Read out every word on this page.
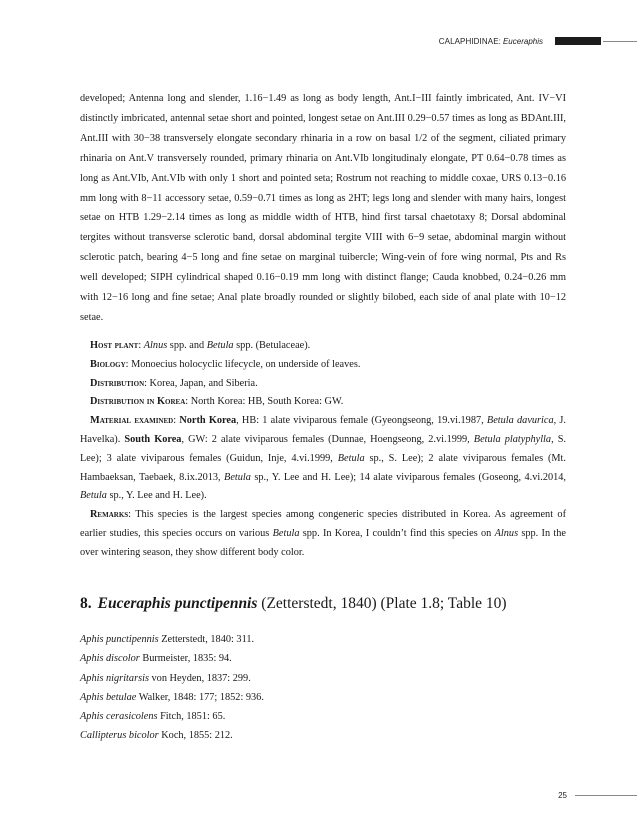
CALAPHIDINAE: Euceraphis

developed; Antenna long and slender, 1.16−1.49 as long as body length, Ant.I−III faintly imbricated, Ant. IV−VI distinctly imbricated, antennal setae short and pointed, longest setae on Ant.III 0.29−0.57 times as long as BDAnt.III, Ant.III with 30−38 transversely elongate secondary rhinaria in a row on basal 1/2 of the segment, ciliated primary rhinaria on Ant.V transversely rounded, primary rhinaria on Ant.VIb longitudinaly elongate, PT 0.64−0.78 times as long as Ant.VIb, Ant.VIb with only 1 short and pointed seta; Rostrum not reaching to middle coxae, URS 0.13−0.16 mm long with 8−11 accessory setae, 0.59−0.71 times as long as 2HT; legs long and slender with many hairs, longest setae on HTB 1.29−2.14 times as long as middle width of HTB, hind first tarsal chaetotaxy 8; Dorsal abdominal tergites without transverse sclerotic band, dorsal abdominal tergite VIII with 6−9 setae, abdominal margin without sclerotic patch, bearing 4−5 long and fine setae on marginal tuibercle; Wing-vein of fore wing normal, Pts and Rs well developed; SIPH cylindrical shaped 0.16−0.19 mm long with distinct flange; Cauda knobbed, 0.24−0.26 mm with 12−16 long and fine setae; Anal plate broadly rounded or slightly bilobed, each side of anal plate with 10−12 setae.

Host plant: Alnus spp. and Betula spp. (Betulaceae).

Biology: Monoecius holocyclic lifecycle, on underside of leaves.

Distribution: Korea, Japan, and Siberia.

Distribution in Korea: North Korea: HB, South Korea: GW.

Material examined: North Korea, HB: 1 alate viviparous female (Gyeongseong, 19.vi.1987, Betula davurica, J. Havelka). South Korea, GW: 2 alate viviparous females (Dunnae, Hoengseong, 2.vi.1999, Betula platyphylla, S. Lee); 3 alate viviparous females (Guidun, Inje, 4.vi.1999, Betula sp., S. Lee); 2 alate viviparous females (Mt. Hambaeksan, Taebaek, 8.ix.2013, Betula sp., Y. Lee and H. Lee); 14 alate viviparous females (Goseong, 4.vi.2014, Betula sp., Y. Lee and H. Lee).

Remarks: This species is the largest species among congeneric species distributed in Korea. As agreement of earlier studies, this species occurs on various Betula spp. In Korea, I couldn’t find this species on Alnus spp. In the over wintering season, they show different body color.

8. Euceraphis punctipennis (Zetterstedt, 1840) (Plate 1.8; Table 10)

Aphis punctipennis Zetterstedt, 1840: 311.

Aphis discolor Burmeister, 1835: 94.

Aphis nigritarsis von Heyden, 1837: 299.

Aphis betulae Walker, 1848: 177; 1852: 936.

Aphis cerasicolens Fitch, 1851: 65.

Callipterus bicolor Koch, 1855: 212.

25
